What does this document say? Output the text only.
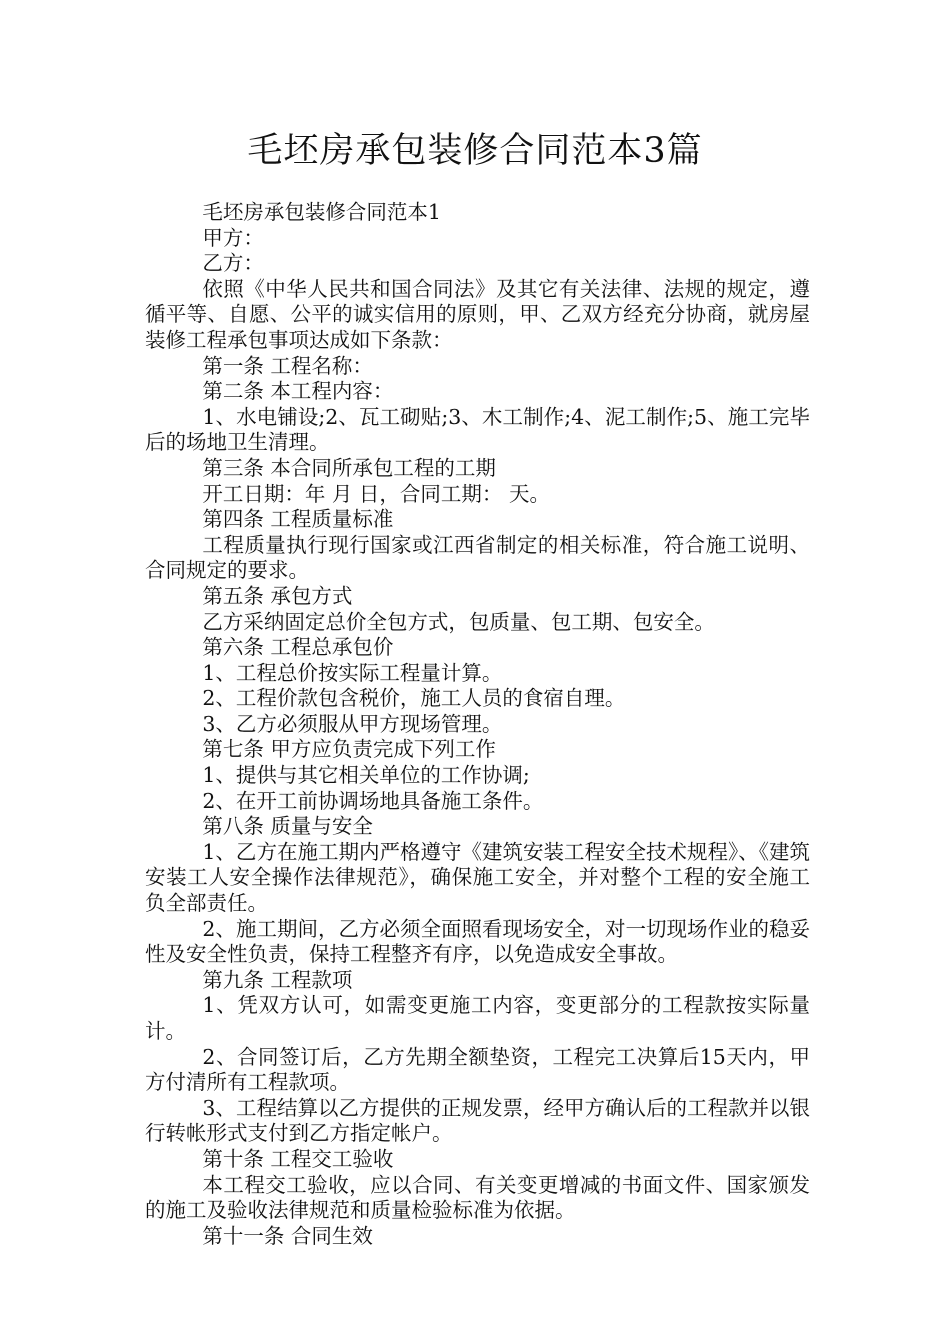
毛坯房承包装修合同范本3篇

毛坯房承包装修合同范本1

甲方：

乙方：

依照《中华人民共和国合同法》及其它有关法律、法规的规定，遵循平等、自愿、公平的诚实信用的原则，甲、乙双方经充分协商，就房屋装修工程承包事项达成如下条款：

第一条 工程名称：

第二条 本工程内容：

1、水电铺设;2、瓦工砌贴;3、木工制作;4、泥工制作;5、施工完毕后的场地卫生清理。

第三条 本合同所承包工程的工期

开工日期：年 月 日，合同工期： 天。

第四条 工程质量标准

工程质量执行现行国家或江西省制定的相关标准，符合施工说明、合同规定的要求。

第五条 承包方式

乙方采纳固定总价全包方式，包质量、包工期、包安全。

第六条 工程总承包价

1、工程总价按实际工程量计算。

2、工程价款包含税价，施工人员的食宿自理。

3、乙方必须服从甲方现场管理。

第七条 甲方应负责完成下列工作

1、提供与其它相关单位的工作协调;

2、在开工前协调场地具备施工条件。

第八条 质量与安全

1、乙方在施工期内严格遵守《建筑安装工程安全技术规程》、《建筑安装工人安全操作法律规范》，确保施工安全，并对整个工程的安全施工负全部责任。

2、施工期间，乙方必须全面照看现场安全，对一切现场作业的稳妥性及安全性负责，保持工程整齐有序，以免造成安全事故。

第九条 工程款项

1、凭双方认可，如需变更施工内容，变更部分的工程款按实际量计。

2、合同签订后，乙方先期全额垫资，工程完工决算后15天内，甲方付清所有工程款项。

3、工程结算以乙方提供的正规发票，经甲方确认后的工程款并以银行转帐形式支付到乙方指定帐户。

第十条 工程交工验收

本工程交工验收，应以合同、有关变更增减的书面文件、国家颁发的施工及验收法律规范和质量检验标准为依据。

第十一条 合同生效
